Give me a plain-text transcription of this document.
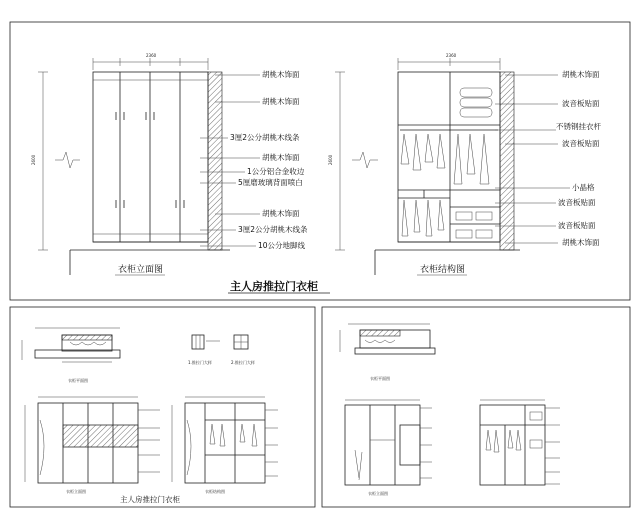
2360
2600
胡桃木饰面
胡桃木饰面
3厘2公分胡桃木线条
胡桃木饰面
1公分铝合金收边
5厘磨玻璃背面喷白
胡桃木饰面
3厘2公分胡桃木线条
10公分地脚线
衣柜立面图
2360
2600
胡桃木饰面
波音板贴面
不锈钢挂衣杆
波音板贴面
小晶格
波音板贴面
波音板贴面
胡桃木饰面
衣柜结构图
主人房推拉门衣柜
衣柜平面图
1.推拉门大样	2.推拉门大样
衣柜立面图	衣柜结构图
主人房推拉门衣柜
衣柜平面图
衣柜立面图
